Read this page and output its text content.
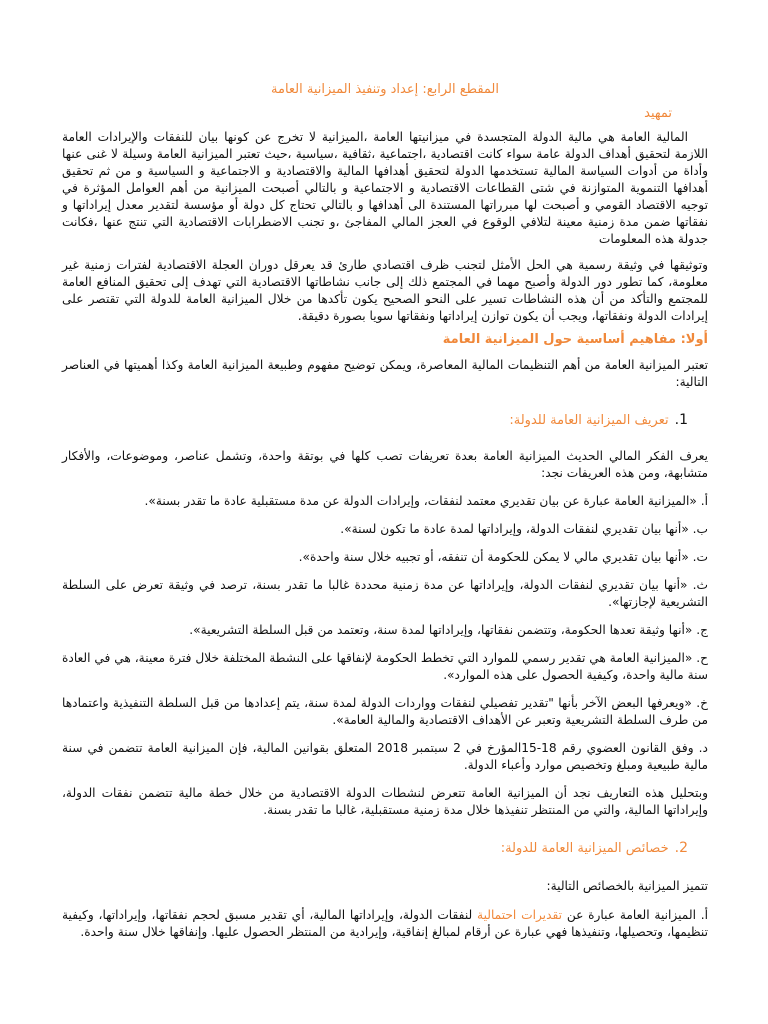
المقطع الرابع: إعداد وتنفيذ الميزانية العامة
تمهيد

المالية العامة هي مالية الدولة المتجسدة في ميزانيتها العامة ،الميزانية لا تخرج عن كونها بيان للنفقات والإيرادات العامة اللازمة لتحقيق أهداف الدولة عامة سواء كانت اقتصادية ،اجتماعية ،ثقافية ،سياسية ،حيث تعتبر الميزانية العامة وسيلة لا غنى عنها وأداة من أدوات السياسة المالية تستخدمها الدولة لتحقيق أهدافها المالية والاقتصادية و الاجتماعية و السياسية و من ثم تحقيق أهدافها التنموية المتوازنة في شتى القطاعات الاقتصادية و الاجتماعية و بالتالي أصبحت الميزانية من أهم العوامل المؤثرة في توجيه الاقتصاد القومي و أصبحت لها مبرراتها المستندة الى أهدافها و بالتالي تحتاج كل دولة أو مؤسسة لتقدير معدل إيراداتها و نفقاتها ضمن مدة زمنية معينة لتلافي الوقوع في العجز المالي المفاجئ ،و تجنب الاضطرابات الاقتصادية التي تنتج عنها ،فكانت جدولة هذه المعلومات

وتوثيقها في وثيقة رسمية هي الحل الأمثل لتجنب ظرف اقتصادي طارئ قد يعرقل دوران العجلة الاقتصادية لفترات زمنية غير معلومة، كما تطور دور الدولة وأصبح مهما في المجتمع ذلك إلى جانب نشاطاتها الاقتصادية التي تهدف إلى تحقيق المنافع العامة للمجتمع والتأكد من أن هذه النشاطات تسير على النحو الصحيح يكون تأكدها من خلال الميزانية العامة للدولة التي تقتصر على إيرادات الدولة ونفقاتها، ويجب أن يكون توازن إيراداتها ونفقاتها سويا بصورة دقيقة.

أولا: مفاهيم أساسية حول الميزانية العامة

تعتبر الميزانية العامة من أهم التنظيمات المالية المعاصرة، ويمكن توضيح مفهوم وطبيعة الميزانية العامة وكذا أهميتها في العناصر التالية:

1.
تعريف الميزانية العامة للدولة:

يعرف الفكر المالي الحديث الميزانية العامة بعدة تعريفات تصب كلها في بوتقة واحدة، وتشمل عناصر، وموضوعات، والأفكار متشابهة، ومن هذه العريفات نجد:

أ. «الميزانية العامة عبارة عن بيان تقديري معتمد لنفقات، وإيرادات الدولة عن مدة مستقبلية عادة ما تقدر بسنة».

ب. «أنها بيان تقديري لنفقات الدولة، وإيراداتها لمدة عادة ما تكون لسنة».

ت. «أنها بيان تقديري مالي لا يمكن للحكومة أن تنفقه، أو تجبيه خلال سنة واحدة».

ث. «أنها بيان تقديري لنفقات الدولة، وإيراداتها عن مدة زمنية محددة غالبا ما تقدر بسنة، ترصد في وثيقة تعرض على السلطة التشريعية لإجازتها».

ج. «أنها وثيقة تعدها الحكومة، وتتضمن نفقاتها، وإيراداتها لمدة سنة، وتعتمد من قبل السلطة التشريعية».

ح. «الميزانية العامة هي تقدير رسمي للموارد التي تخطط الحكومة لإنفاقها على النشطة المختلفة خلال فترة معينة، هي في العادة سنة مالية واحدة، وكيفية الحصول على هذه الموارد».

خ. «ويعرفها البعض الآخر بأنها "تقدير تفصيلي لنفقات وواردات الدولة لمدة سنة، يتم إعدادها من قبل السلطة التنفيذية واعتمادها من طرف السلطة التشريعية وتعبر عن الأهداف الاقتصادية والمالية العامة».

د. وفق القانون العضوي رقم 18-15المؤرخ في 2 سبتمبر 2018 المتعلق بقوانين المالية، فإن الميزانية العامة تتضمن في سنة مالية طبيعية ومبلغ وتخصيص موارد وأعباء الدولة.

وبتحليل هذه التعاريف نجد أن الميزانية العامة تتعرض لنشطات الدولة الاقتصادية من خلال خطة مالية تتضمن نفقات الدولة، وإيراداتها المالية، والتي من المنتظر تنفيذها خلال مدة زمنية مستقبلية، غالبا ما تقدر بسنة.

2.
خصائص الميزانية العامة للدولة:

تتميز الميزانية بالخصائص التالية:

أ. الميزانية العامة عبارة عن تقديرات احتمالية لنفقات الدولة، وإيراداتها المالية، أي تقدير مسبق لحجم نفقاتها، وإيراداتها، وكيفية تنظيمها، وتحصيلها، وتنفيذها فهي عبارة عن أرقام لمبالغ إنفاقية، وإيرادية من المنتظر الحصول عليها. وإنفاقها خلال سنة واحدة.
